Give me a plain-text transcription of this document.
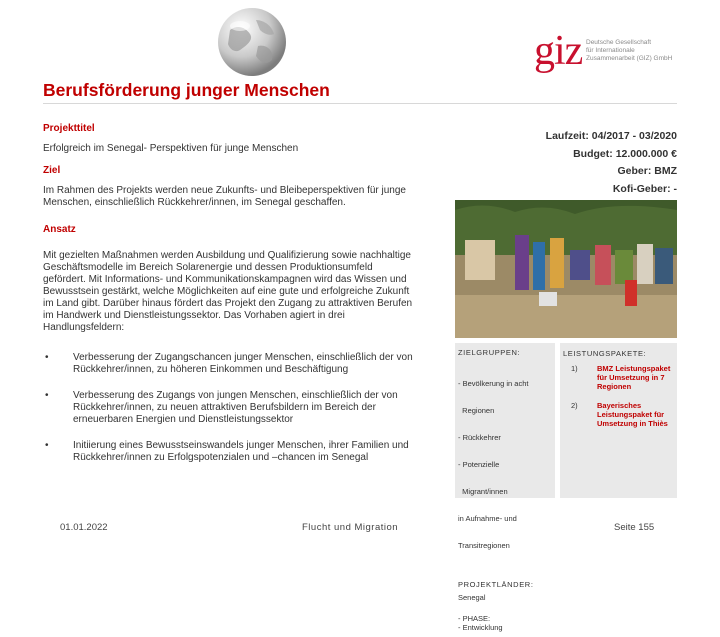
giz Deutsche Gesellschaft
für Internationale
Zusammenarbeit (GIZ) GmbH
Berufsförderung junger Menschen
Projekttitel
Erfolgreich im Senegal- Perspektiven für junge Menschen
Ziel
Im Rahmen des Projekts werden neue Zukunfts- und Bleibeperspektiven für junge
Menschen, einschließlich Rückkehrer/innen, im Senegal geschaffen.
Ansatz
Mit gezielten Maßnahmen werden Ausbildung und Qualifizierung sowie nachhaltige
Geschäftsmodelle im Bereich Solarenergie und dessen Produktionsumfeld
gefördert. Mit Informations- und Kommunikationskampagnen wird das Wissen und
Bewusstsein gestärkt, welche Möglichkeiten auf eine gute und erfolgreiche Zukunft
im Land gibt. Darüber hinaus fördert das Projekt den Zugang zu attraktiven Berufen
im Handwerk und Dienstleistungssektor. Das Vorhaben agiert in drei
Handlungsfeldern:
Laufzeit: 04/2017 - 03/2020
Budget: 12.000.000 €
Geber: BMZ
Kofi-Geber: -
• Verbesserung der Zugangschancen junger Menschen, einschließlich der von
Rückkehrer/innen, zu höheren Einkommen und Beschäftigung
• Verbesserung des Zugangs von jungen Menschen, einschließlich der von
Rückkehrer/innen, zu neuen attraktiven Berufsbildern im Bereich der
erneuerbaren Energien und Dienstleistungssektor
• Initiierung eines Bewusstseinswandels junger Menschen, ihrer Familien und
Rückkehrer/innen zu Erfolgspotenzialen und –chancen im Senegal
ZIELGRUPPEN:

- Bevölkerung in acht

Regionen

- Rückkehrer

- Potenzielle

Migrant/innen

in Aufnahme- und

Transitregionen

PROJEKTLÄNDER:
Senegal
- PHASE:
- Entwicklung
LEISTUNGSPAKETE:
1)	BMZ Leistungspaket
für Umsetzung in 7
Regionen
2)	Bayerisches
Leistungspaket für
Umsetzung in Thiès
01.01.2022	Flucht und Migration	Seite 155
